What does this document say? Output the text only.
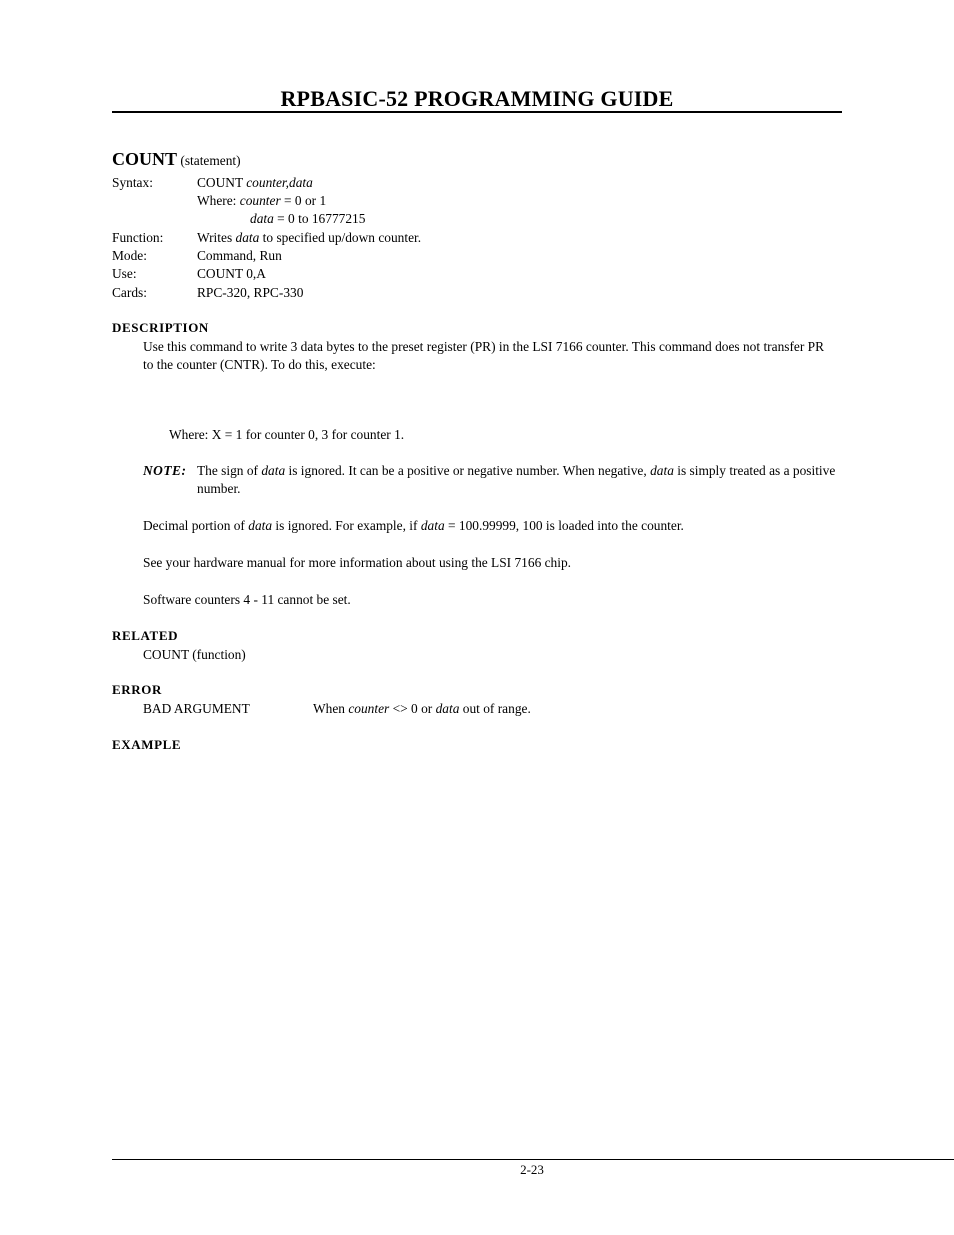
RPBASIC-52 PROGRAMMING GUIDE
COUNT (statement)
Syntax:	COUNT counter,data
Where: counter = 0 or 1
data = 0 to 16777215
Function:	Writes data to specified up/down counter.
Mode:	Command, Run
Use:	COUNT 0,A
Cards:	RPC-320, RPC-330
DESCRIPTION
Use this command to write 3 data bytes to the preset register (PR) in the LSI 7166 counter. This command does not transfer PR to the counter (CNTR). To do this, execute:
Where: X = 1 for counter 0, 3 for counter 1.
NOTE: The sign of data is ignored. It can be a positive or negative number. When negative, data is simply treated as a positive number.
Decimal portion of data is ignored. For example, if data = 100.99999, 100 is loaded into the counter.
See your hardware manual for more information about using the LSI 7166 chip.
Software counters 4 - 11 cannot be set.
RELATED
COUNT (function)
ERROR
BAD ARGUMENT	When counter <> 0 or data out of range.
EXAMPLE
2-23
